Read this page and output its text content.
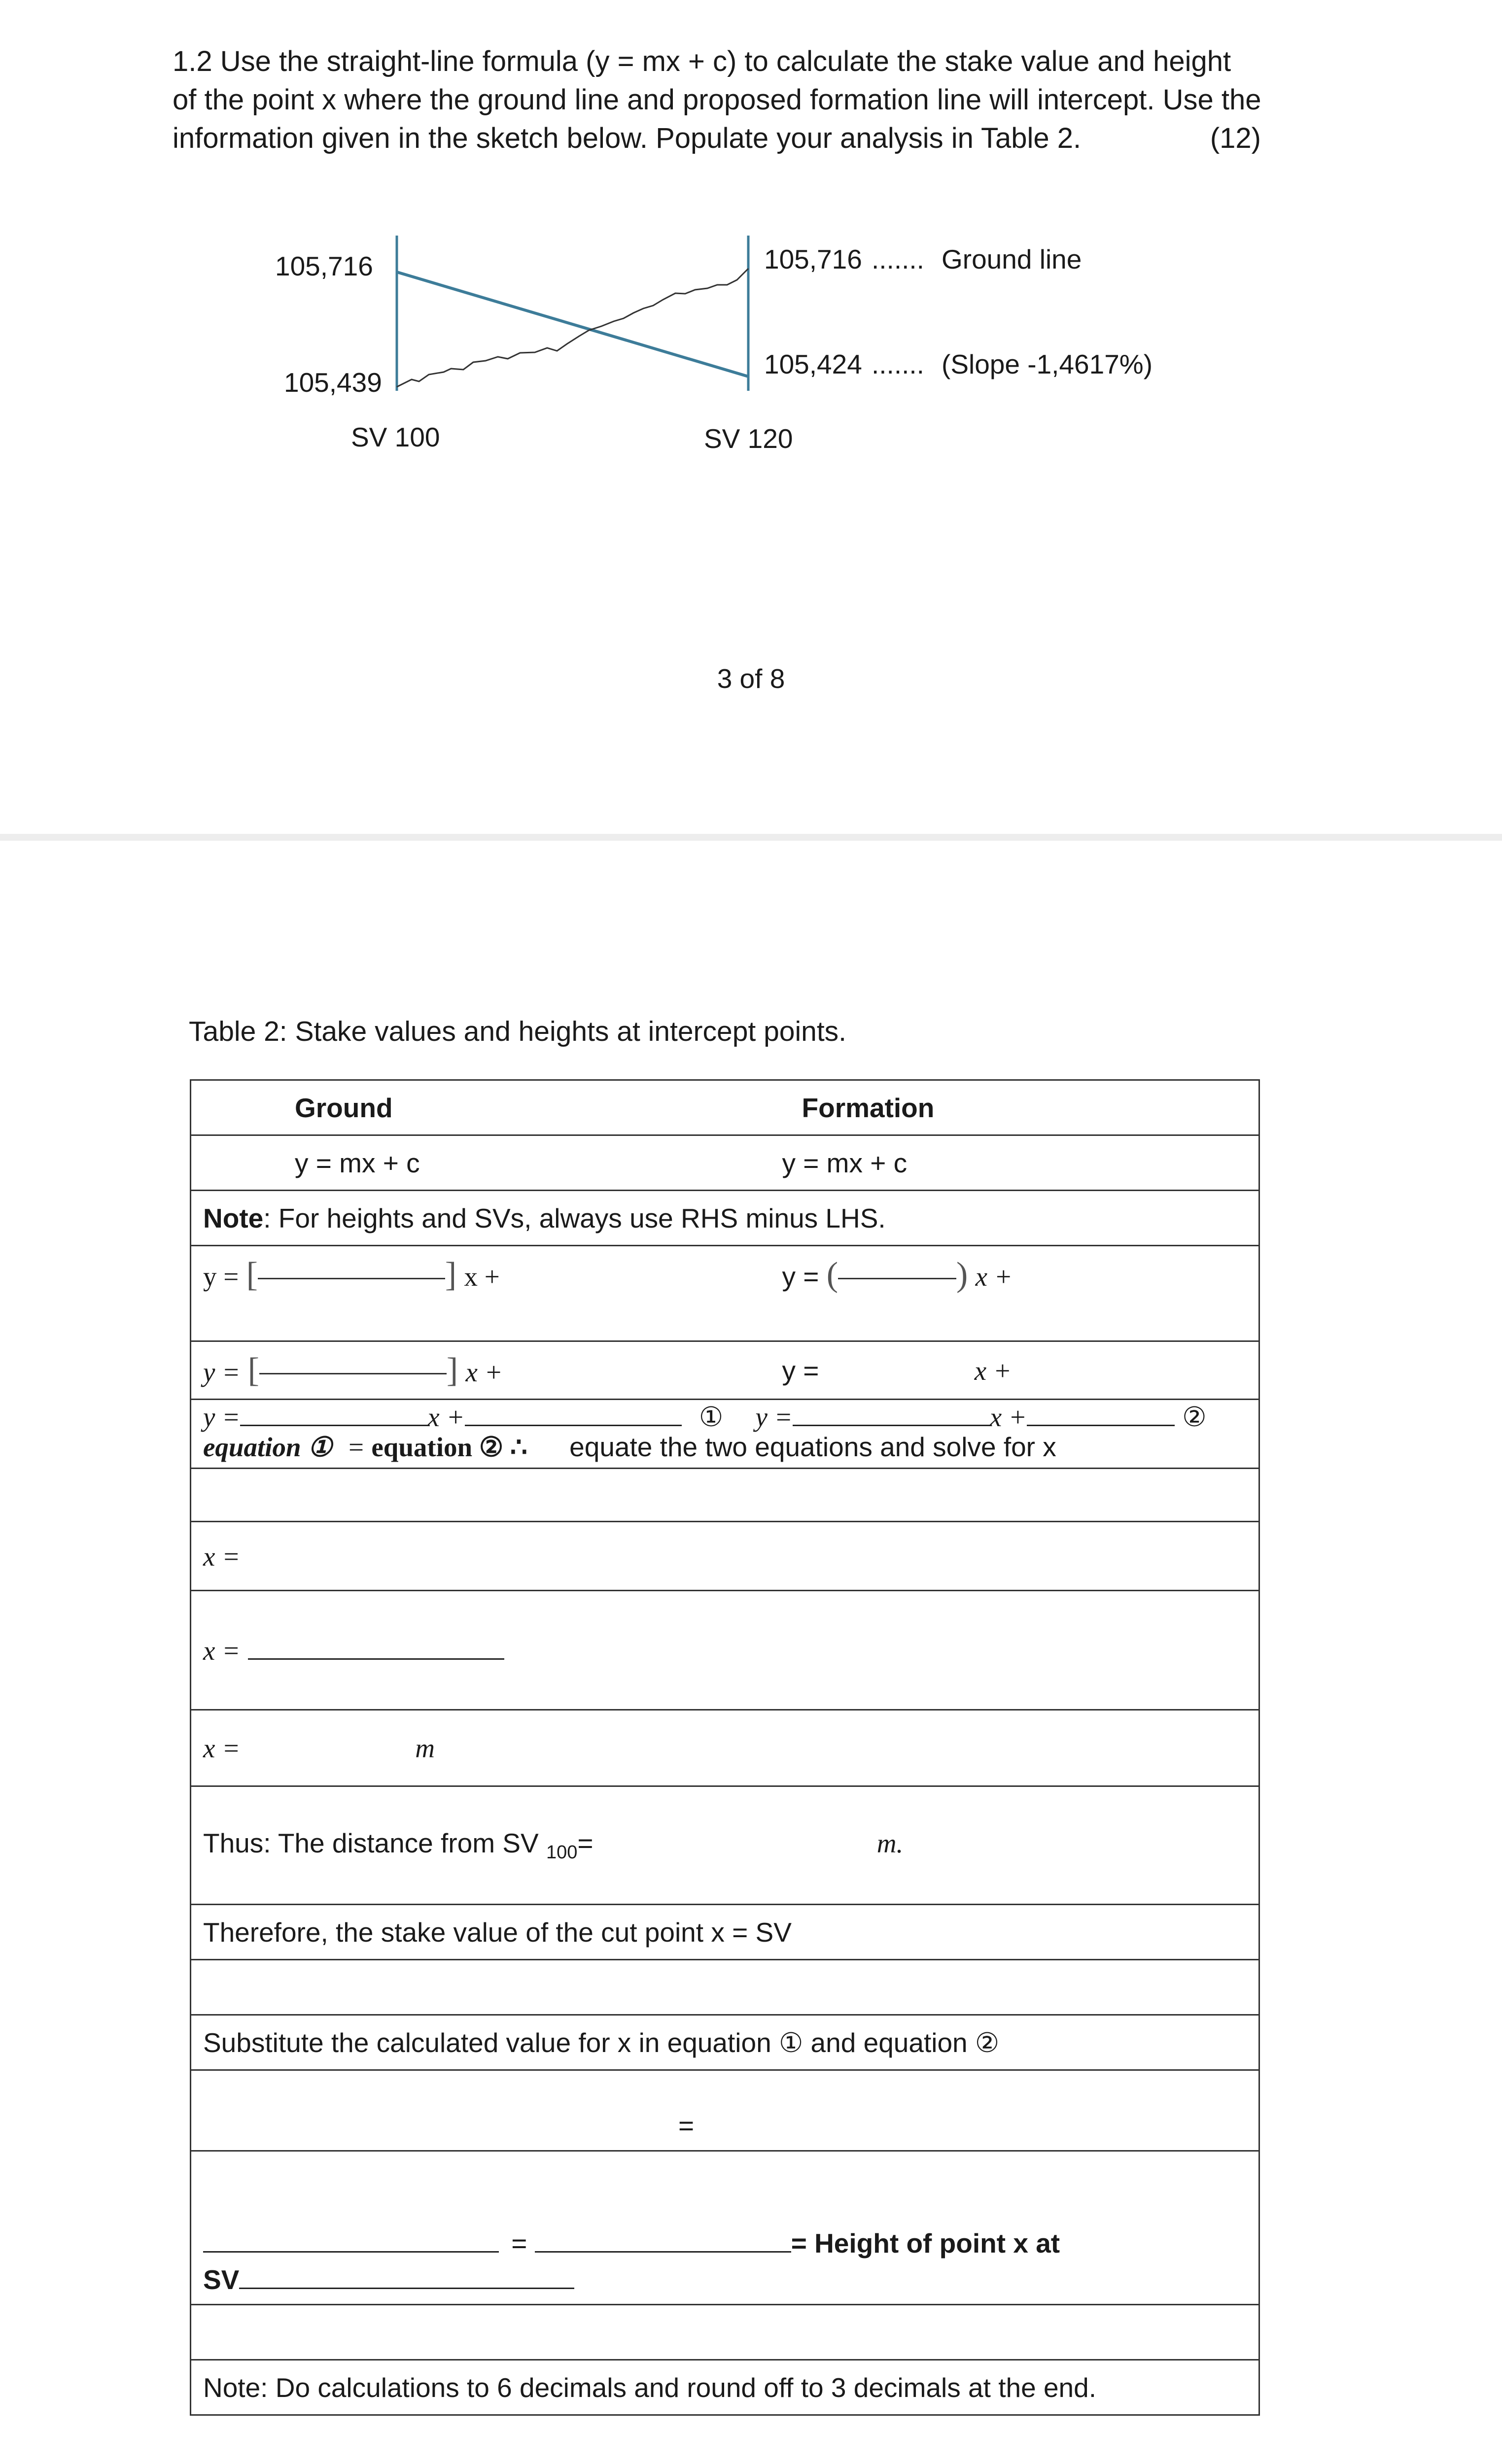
1.2 Use the straight-line formula (y = mx + c) to calculate the stake value and height
of the point x where the ground line and proposed formation line will intercept. Use the
information given in the sketch below. Populate your analysis in Table 2.	(12)
105,716
105,439
SV 100	SV 120
105,716 ....... Ground line
105,424 ....... (Slope -1,4617%)
3 of 8
Table 2: Stake values and heights at intercept points.
Ground	Formation
y = mx + c	y = mx + c
Note: For heights and SVs, always use RHS minus LHS.	
y = [ ] x +	y = ( ) x +
y = [ ] x +	y = x +

y = x + ① y = x + ②
equation ① = equation ② ∴ equate the two equations and solve for x	

x =	
x =	
x = m	
Thus: The distance from SV $_{100}$= m.	
Therefore, the stake value of the cut point x = SV	

Substitute the calculated value for x in equation ① and equation ②	
=	

= = Height of point x at
SV	

Note: Do calculations to 6 decimals and round off to 3 decimals at the end.	
